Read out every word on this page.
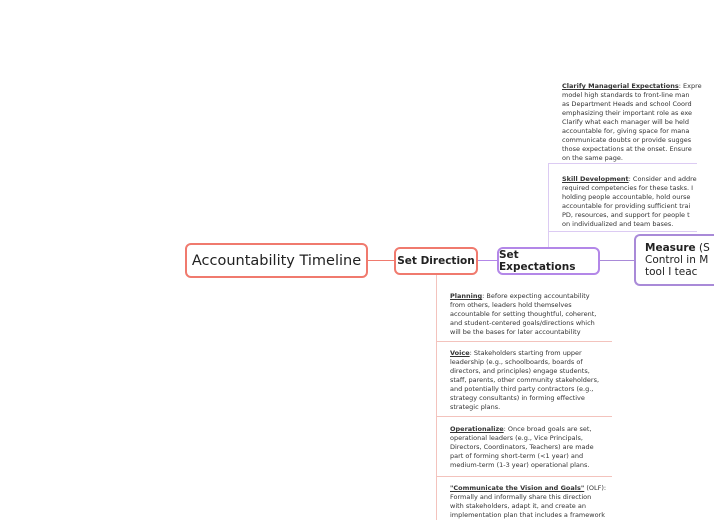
Accountability Timeline	Set Direction Set Expectations
Measure (S
Control in M
tool I teac
Clarify Managerial Expectations: Expre
model high standards to front-line man
as Department Heads and school Coord
emphasizing their important role as exe
Clarify what each manager will be held
accountable for, giving space for mana
communicate doubts or provide sugges
those expectations at the onset. Ensure
on the same page.
Skill Development: Consider and addre
required competencies for these tasks. I
holding people accountable, hold ourse
accountable for providing sufficient trai
PD, resources, and support for people t
on individualized and team bases.
Planning: Before expecting accountability
from others, leaders hold themselves
accountable for setting thoughtful, coherent,
and student-centered goals/directions which
will be the bases for later accountability
Voice: Stakeholders starting from upper
leadership (e.g., schoolboards, boards of
directors, and principles) engage students,
staff, parents, other community stakeholders,
and potentially third party contractors (e.g.,
strategy consultants) in forming effective
strategic plans.
Operationalize: Once broad goals are set,
operational leaders (e.g., Vice Principals,
Directors, Coordinators, Teachers) are made
part of forming short-term (<1 year) and
medium-term (1-3 year) operational plans.
"Communicate the Vision and Goals" (OLF):
Formally and informally share this direction
with stakeholders, adapt it, and create an
implementation plan that includes a framework
